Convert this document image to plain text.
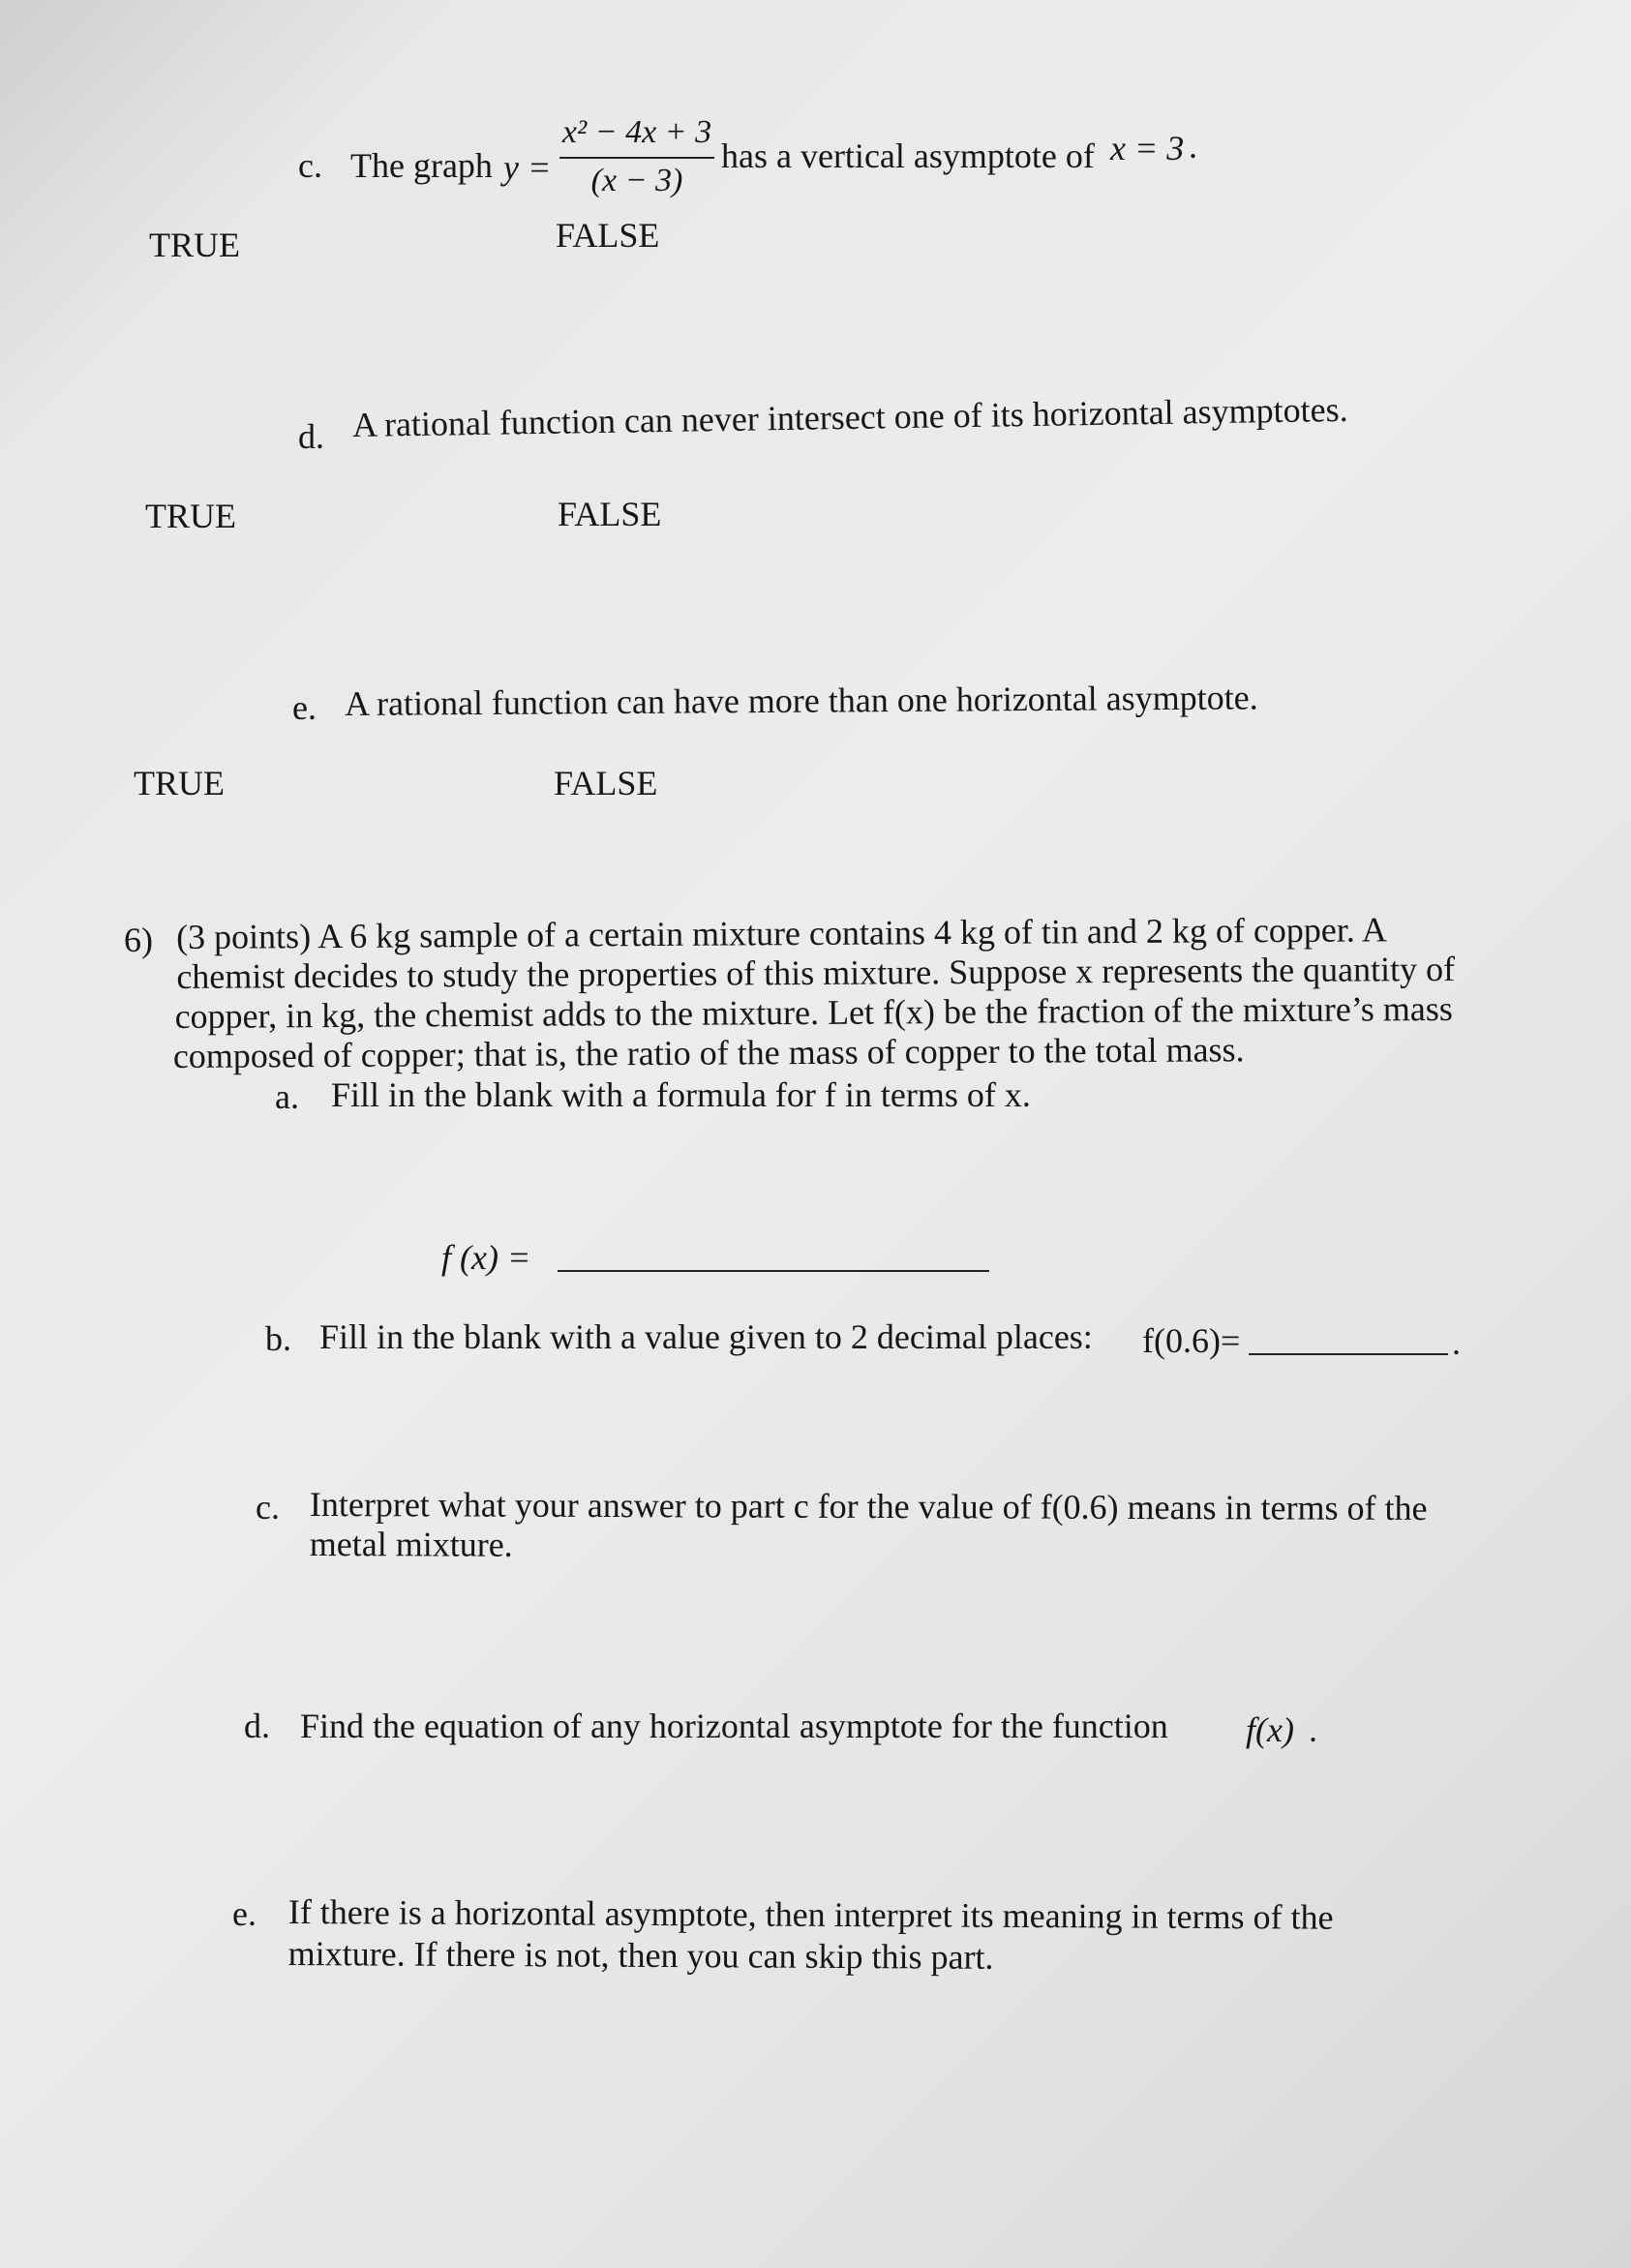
c. The graph $y = \frac{\text{x² − 4x + 3}}{(x - 3)}$ has a vertical asymptote of x = 3 .
TRUE	FALSE
d. A rational function can never intersect one of its horizontal asymptotes.
TRUE	FALSE
e. A rational function can have more than one horizontal asymptote.
TRUE	FALSE
6) (3 points) A 6 kg sample of a certain mixture contains 4 kg of tin and 2 kg of copper. A
chemist decides to study the properties of this mixture. Suppose x represents the quantity of
copper, in kg, the chemist adds to the mixture. Let f(x) be the fraction of the mixture’s mass
composed of copper; that is, the ratio of the mass of copper to the total mass.
a. Fill in the blank with a formula for f in terms of x.
f (x) =
b. Fill in the blank with a value given to 2 decimal places: f(0.6)=	.
c. Interpret what your answer to part c for the value of f(0.6) means in terms of the
metal mixture.
d. Find the equation of any horizontal asymptote for the function f(x) .
e. If there is a horizontal asymptote, then interpret its meaning in terms of the
mixture. If there is not, then you can skip this part.
